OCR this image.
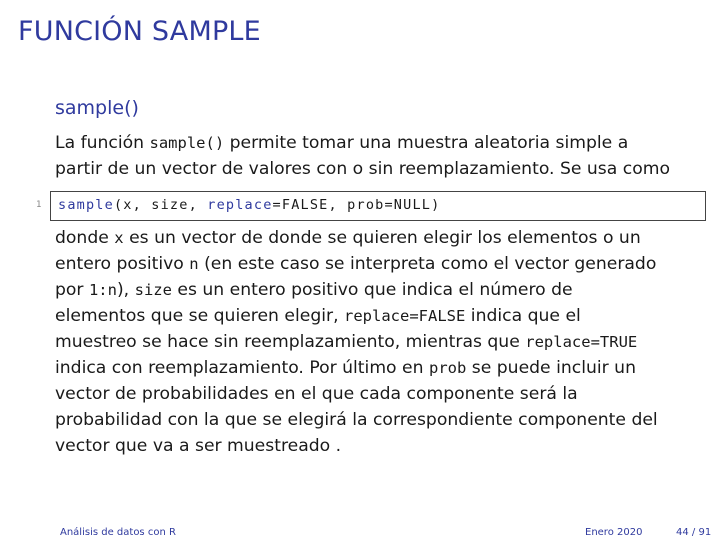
FUNCIÓN SAMPLE
sample()

La función sample() permite tomar una muestra aleatoria simple a

partir de un vector de valores con o sin reemplazamiento. Se usa como

1 sample(x, size, replace=FALSE, prob=NULL)

donde x es un vector de donde se quieren elegir los elementos o un

entero positivo n (en este caso se interpreta como el vector generado

por 1:n), size es un entero positivo que indica el número de

elementos que se quieren elegir, replace=FALSE indica que el

muestreo se hace sin reemplazamiento, mientras que replace=TRUE

indica con reemplazamiento. Por último en prob se puede incluir un

vector de probabilidades en el que cada componente será la

probabilidad con la que se elegirá la correspondiente componente del

vector que va a ser muestreado .

Análisis de datos con R	Enero 2020	44 / 91
